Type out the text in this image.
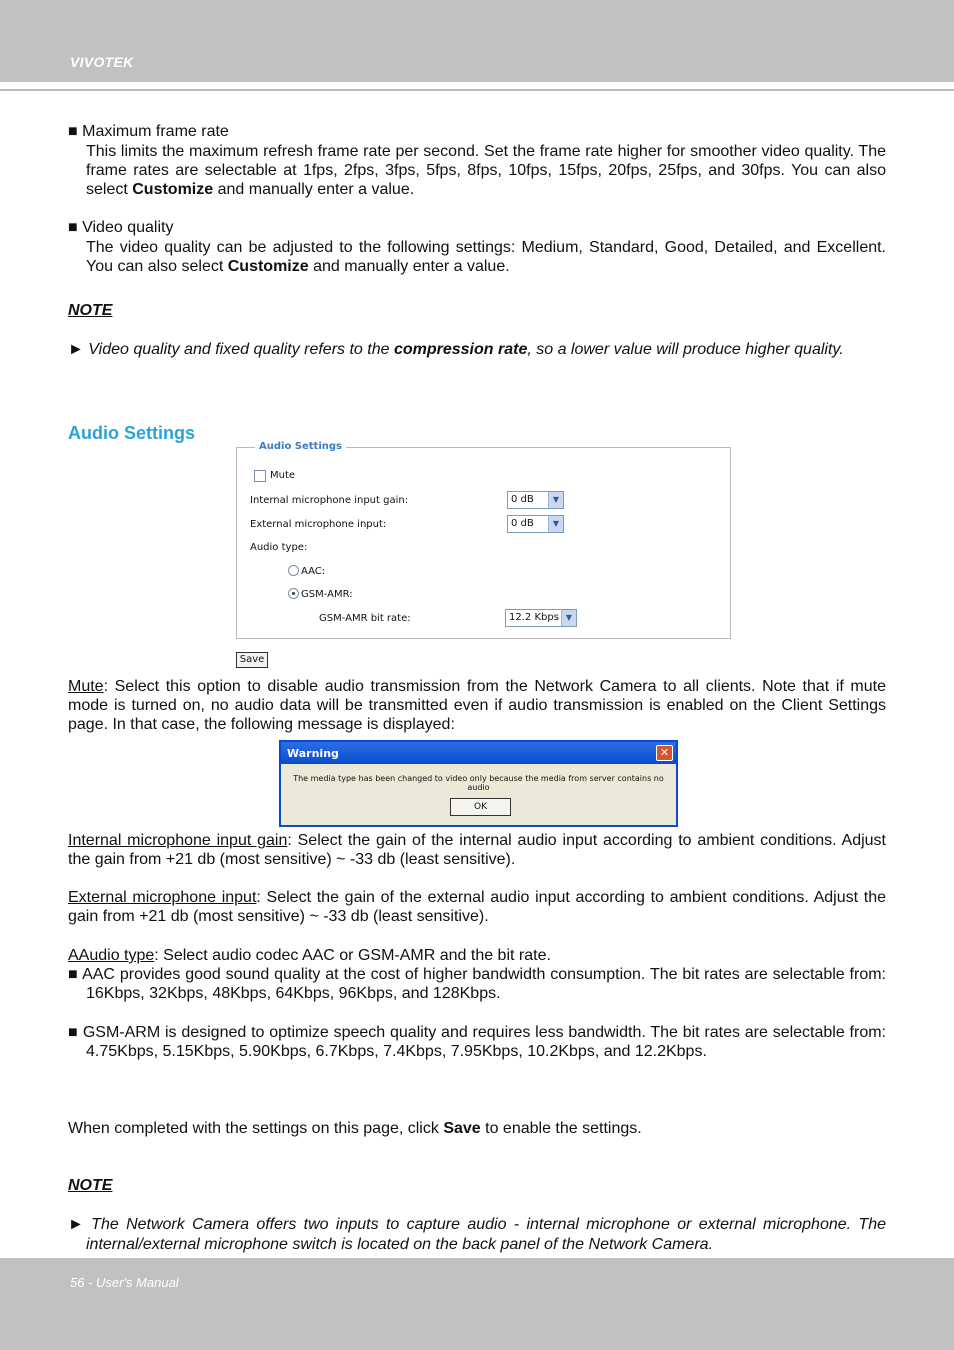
VIVOTEK
■ Maximum frame rate
This limits the maximum refresh frame rate per second. Set the frame rate higher for smoother video quality. The frame rates are selectable at 1fps, 2fps, 3fps, 5fps, 8fps, 10fps, 15fps, 20fps, 25fps, and 30fps. You can also select Customize and manually enter a value.
■ Video quality
The video quality can be adjusted to the following settings: Medium, Standard, Good, Detailed, and Excellent. You can also select Customize and manually enter a value.
NOTE
► Video quality and fixed quality refers to the compression rate, so a lower value will produce higher quality.
Audio Settings
Audio Settings
Mute
Internal microphone input gain:	0 dB	▼
External microphone input:	0 dB	▼
Audio type:
AAC:
GSM-AMR:
GSM-AMR bit rate:	12.2 Kbps ▼
Save
Mute: Select this option to disable audio transmission from the Network Camera to all clients. Note that if mute mode is turned on, no audio data will be transmitted even if audio transmission is enabled on the Client Settings page. In that case, the following message is displayed:
Warning	✕
The media type has been changed to video only because the media from server contains no audio
OK
Internal microphone input gain: Select the gain of the internal audio input according to ambient conditions. Adjust the gain from +21 db (most sensitive) ~ -33 db (least sensitive).
External microphone input: Select the gain of the external audio input according to ambient conditions. Adjust the gain from +21 db (most sensitive) ~ -33 db (least sensitive).
AAudio type: Select audio codec AAC or GSM-AMR and the bit rate.
■ AAC provides good sound quality at the cost of higher bandwidth consumption. The bit rates are selectable from: 16Kbps, 32Kbps, 48Kbps, 64Kbps, 96Kbps, and 128Kbps.
■ GSM-ARM is designed to optimize speech quality and requires less bandwidth. The bit rates are selectable from: 4.75Kbps, 5.15Kbps, 5.90Kbps, 6.7Kbps, 7.4Kbps, 7.95Kbps, 10.2Kbps, and 12.2Kbps.
When completed with the settings on this page, click Save to enable the settings.
NOTE
► The Network Camera offers two inputs to capture audio - internal microphone or external microphone. The internal/external microphone switch is located on the back panel of the Network Camera.
56 - User's Manual
